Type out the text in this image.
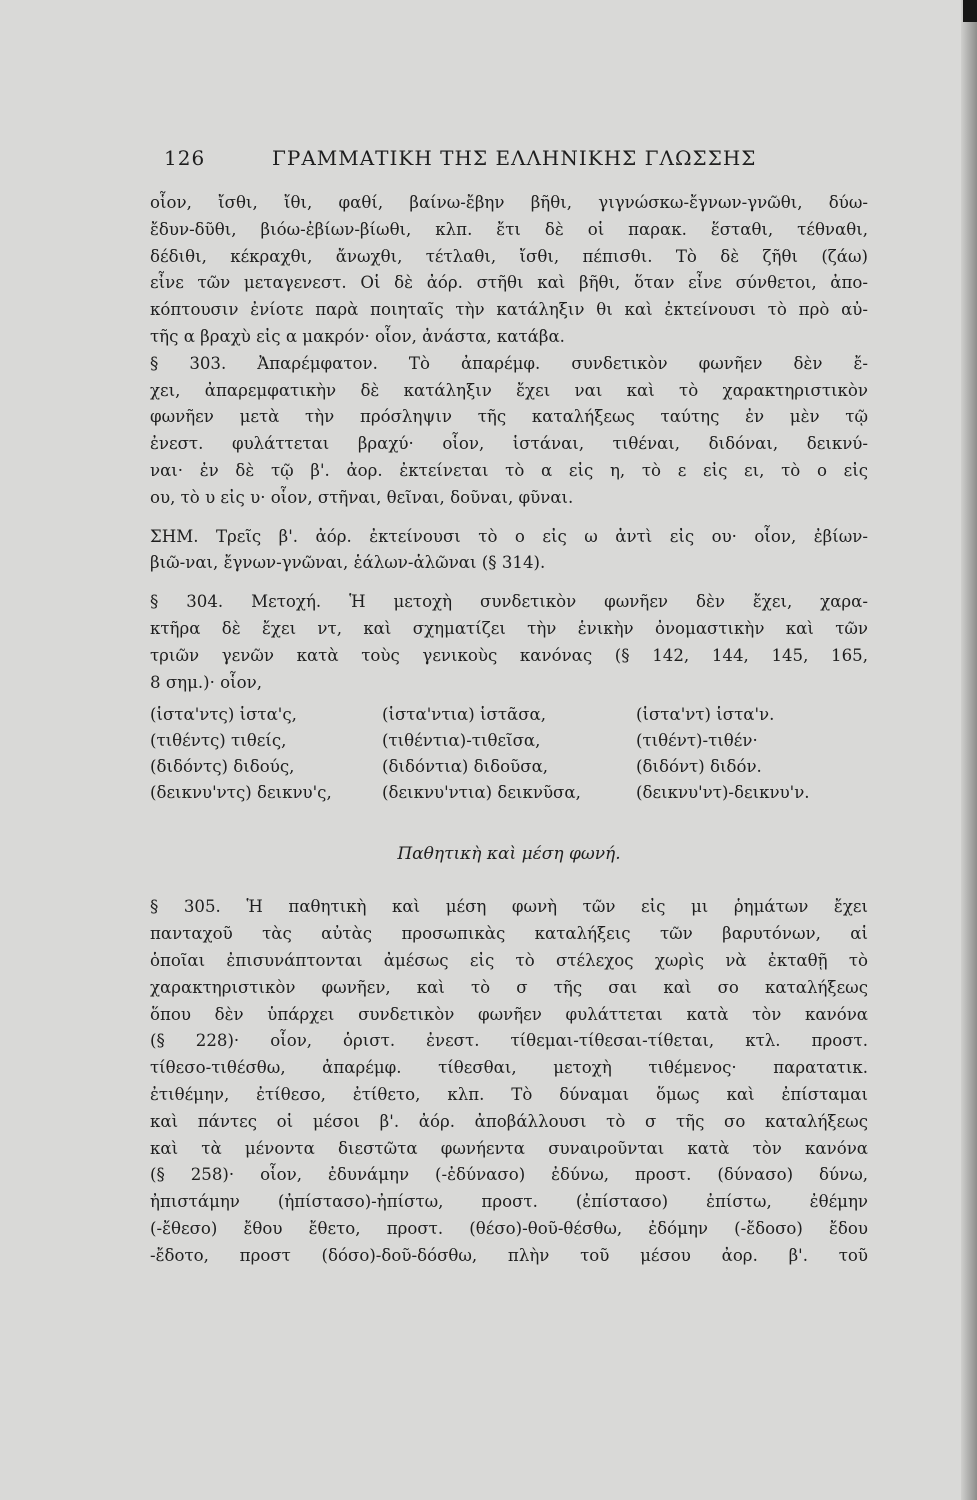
126	ΓΡΑΜΜΑΤΙΚΗ ΤΗΣ ΕΛΛΗΝΙΚΗΣ ΓΛΩΣΣΗΣ
οἷον, ἴσθι, ἴθι, φαθί, βαίνω-ἔβην βῆθι, γιγνώσκω-ἔγνων-γνῶθι, δύω-
ἔδυν-δῦθι, βιόω-ἐβίων-βίωθι, κλπ. ἔτι δὲ οἱ παρακ. ἕσταθι, τέθναθι,
δέδιθι, κέκραχθι, ἄνωχθι, τέτλαθι, ἴσθι, πέπισθι. Τὸ δὲ ζῆθι (ζάω)
εἶνε τῶν μεταγενεστ. Οἱ δὲ ἀόρ. στῆθι καὶ βῆθι, ὅταν εἶνε σύνθετοι, ἀπο-
κόπτουσιν ἐνίοτε παρὰ ποιηταῖς τὴν κατάληξιν θι καὶ ἐκτείνουσι τὸ πρὸ αὐ-
τῆς α βραχὺ εἰς α μακρόν· οἷον, ἀνάστα, κατάβα.
§ 303. Ἀπαρέμφατον. Τὸ ἀπαρέμφ. συνδετικὸν φωνῆεν δὲν ἔ-
χει, ἀπαρεμφατικὴν δὲ κατάληξιν ἔχει ναι καὶ τὸ χαρακτηριστικὸν
φωνῆεν μετὰ τὴν πρόσληψιν τῆς καταλήξεως ταύτης ἐν μὲν τῷ
ἐνεστ. φυλάττεται βραχύ· οἷον, ἱστάναι, τιθέναι, διδόναι, δεικνύ-
ναι· ἐν δὲ τῷ β'. ἀορ. ἐκτείνεται τὸ α εἰς η, τὸ ε εἰς ει, τὸ ο εἰς
ου, τὸ υ εἰς υ· οἷον, στῆναι, θεῖναι, δοῦναι, φῦναι.
ΣΗΜ. Τρεῖς β'. ἀόρ. ἐκτείνουσι τὸ ο εἰς ω ἀντὶ εἰς ου· οἷον, ἐβίων-
βιῶ-ναι, ἔγνων-γνῶναι, ἑάλων-ἁλῶναι (§ 314).
§ 304. Μετοχή. Ἡ μετοχὴ συνδετικὸν φωνῆεν δὲν ἔχει, χαρα-
κτῆρα δὲ ἔχει ντ, καὶ σχηματίζει τὴν ἑνικὴν ὀνομαστικὴν καὶ τῶν
τριῶν γενῶν κατὰ τοὺς γενικοὺς κανόνας (§ 142, 144, 145, 165,
8 σημ.)· οἷον,
(ἱστα'ντς) ἱστα'ς,	(ἱστα'ντια) ἱστᾶσα,	(ἱστα'ντ) ἱστα'ν.
(τιθέντς) τιθείς,	(τιθέντια)-τιθεῖσα,	(τιθέντ)-τιθέν·
(διδόντς) διδούς,	(διδόντια) διδοῦσα,	(διδόντ) διδόν.
(δεικνυ'ντς) δεικνυ'ς,	(δεικνυ'ντια) δεικνῦσα,	(δεικνυ'ντ)-δεικνυ'ν.
Παθητικὴ καὶ μέση φωνή.
§ 305. Ἡ παθητικὴ καὶ μέση φωνὴ τῶν εἰς μι ῥημάτων ἔχει
πανταχοῦ τὰς αὐτὰς προσωπικὰς καταλήξεις τῶν βαρυτόνων, αἱ
ὁποῖαι ἐπισυνάπτονται ἀμέσως εἰς τὸ στέλεχος χωρὶς νὰ ἐκταθῇ τὸ
χαρακτηριστικὸν φωνῆεν, καὶ τὸ σ τῆς σαι καὶ σο καταλήξεως
ὅπου δὲν ὑπάρχει συνδετικὸν φωνῆεν φυλάττεται κατὰ τὸν κανόνα
(§ 228)· οἷον, ὁριστ. ἐνεστ. τίθεμαι-τίθεσαι-τίθεται, κτλ. προστ.
τίθεσο-τιθέσθω, ἀπαρέμφ. τίθεσθαι, μετοχὴ τιθέμενος· παρατατικ.
ἐτιθέμην, ἐτίθεσο, ἐτίθετο, κλπ. Τὸ δύναμαι ὅμως καὶ ἐπίσταμαι
καὶ πάντες οἱ μέσοι β'. ἀόρ. ἀποβάλλουσι τὸ σ τῆς σο καταλήξεως
καὶ τὰ μένοντα διεστῶτα φωνήεντα συναιροῦνται κατὰ τὸν κανόνα
(§ 258)· οἷον, ἐδυνάμην (-ἐδύνασο) ἐδύνω, προστ. (δύνασο) δύνω,
ἠπιστάμην (ἠπίστασο)-ἠπίστω, προστ. (ἐπίστασο) ἐπίστω, ἐθέμην
(-ἔθεσο) ἔθου ἔθετο, προστ. (θέσο)-θοῦ-θέσθω, ἐδόμην (-ἔδοσο) ἔδου
-ἔδοτο, προστ (δόσο)-δοῦ-δόσθω, πλὴν τοῦ μέσου ἀορ. β'. τοῦ
